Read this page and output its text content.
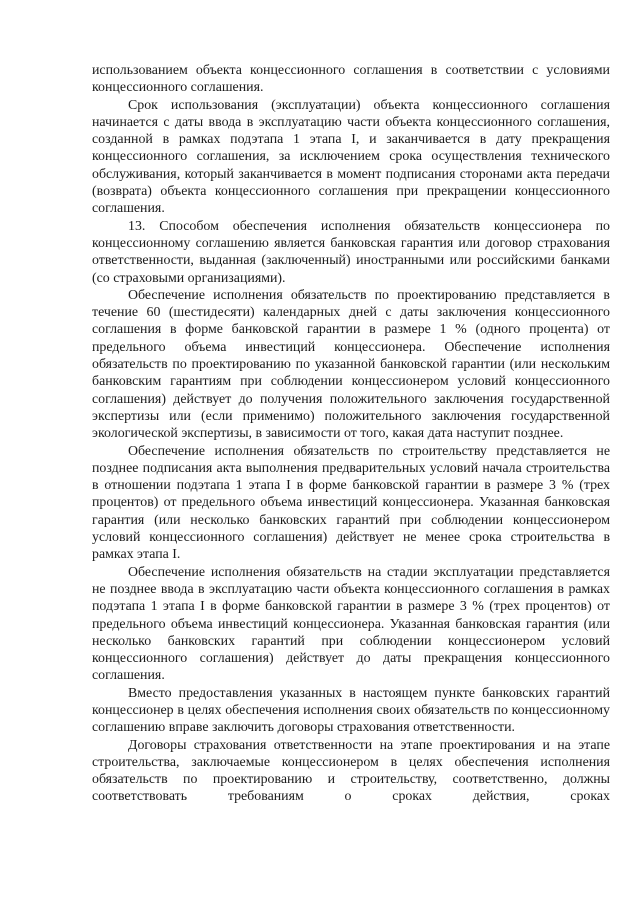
использованием объекта концессионного соглашения в соответствии с условиями концессионного соглашения.

Срок использования (эксплуатации) объекта концессионного соглашения начинается с даты ввода в эксплуатацию части объекта концессионного соглашения, созданной в рамках подэтапа 1 этапа I, и заканчивается в дату прекращения концессионного соглашения, за исключением срока осуществления технического обслуживания, который заканчивается в момент подписания сторонами акта передачи (возврата) объекта концессионного соглашения при прекращении концессионного соглашения.

13. Способом обеспечения исполнения обязательств концессионера по концессионному соглашению является банковская гарантия или договор страхования ответственности, выданная (заключенный) иностранными или российскими банками (со страховыми организациями).

Обеспечение исполнения обязательств по проектированию представляется в течение 60 (шестидесяти) календарных дней с даты заключения концессионного соглашения в форме банковской гарантии в размере 1 % (одного процента) от предельного объема инвестиций концессионера. Обеспечение исполнения обязательств по проектированию по указанной банковской гарантии (или нескольким банковским гарантиям при соблюдении концессионером условий концессионного соглашения) действует до получения положительного заключения государственной экспертизы или (если применимо) положительного заключения государственной экологической экспертизы, в зависимости от того, какая дата наступит позднее.

Обеспечение исполнения обязательств по строительству представляется не позднее подписания акта выполнения предварительных условий начала строительства в отношении подэтапа 1 этапа I в форме банковской гарантии в размере 3 % (трех процентов) от предельного объема инвестиций концессионера. Указанная банковская гарантия (или несколько банковских гарантий при соблюдении концессионером условий концессионного соглашения) действует не менее срока строительства в рамках этапа I.

Обеспечение исполнения обязательств на стадии эксплуатации представляется не позднее ввода в эксплуатацию части объекта концессионного соглашения в рамках подэтапа 1 этапа I в форме банковской гарантии в размере 3 % (трех процентов) от предельного объема инвестиций концессионера. Указанная банковская гарантия (или несколько банковских гарантий при соблюдении концессионером условий концессионного соглашения) действует до даты прекращения концессионного соглашения.

Вместо предоставления указанных в настоящем пункте банковских гарантий концессионер в целях обеспечения исполнения своих обязательств по концессионному соглашению вправе заключить договоры страхования ответственности.

Договоры страхования ответственности на этапе проектирования и на этапе строительства, заключаемые концессионером в целях обеспечения исполнения обязательств по проектированию и строительству, соответственно, должны соответствовать требованиям о сроках действия, сроках
